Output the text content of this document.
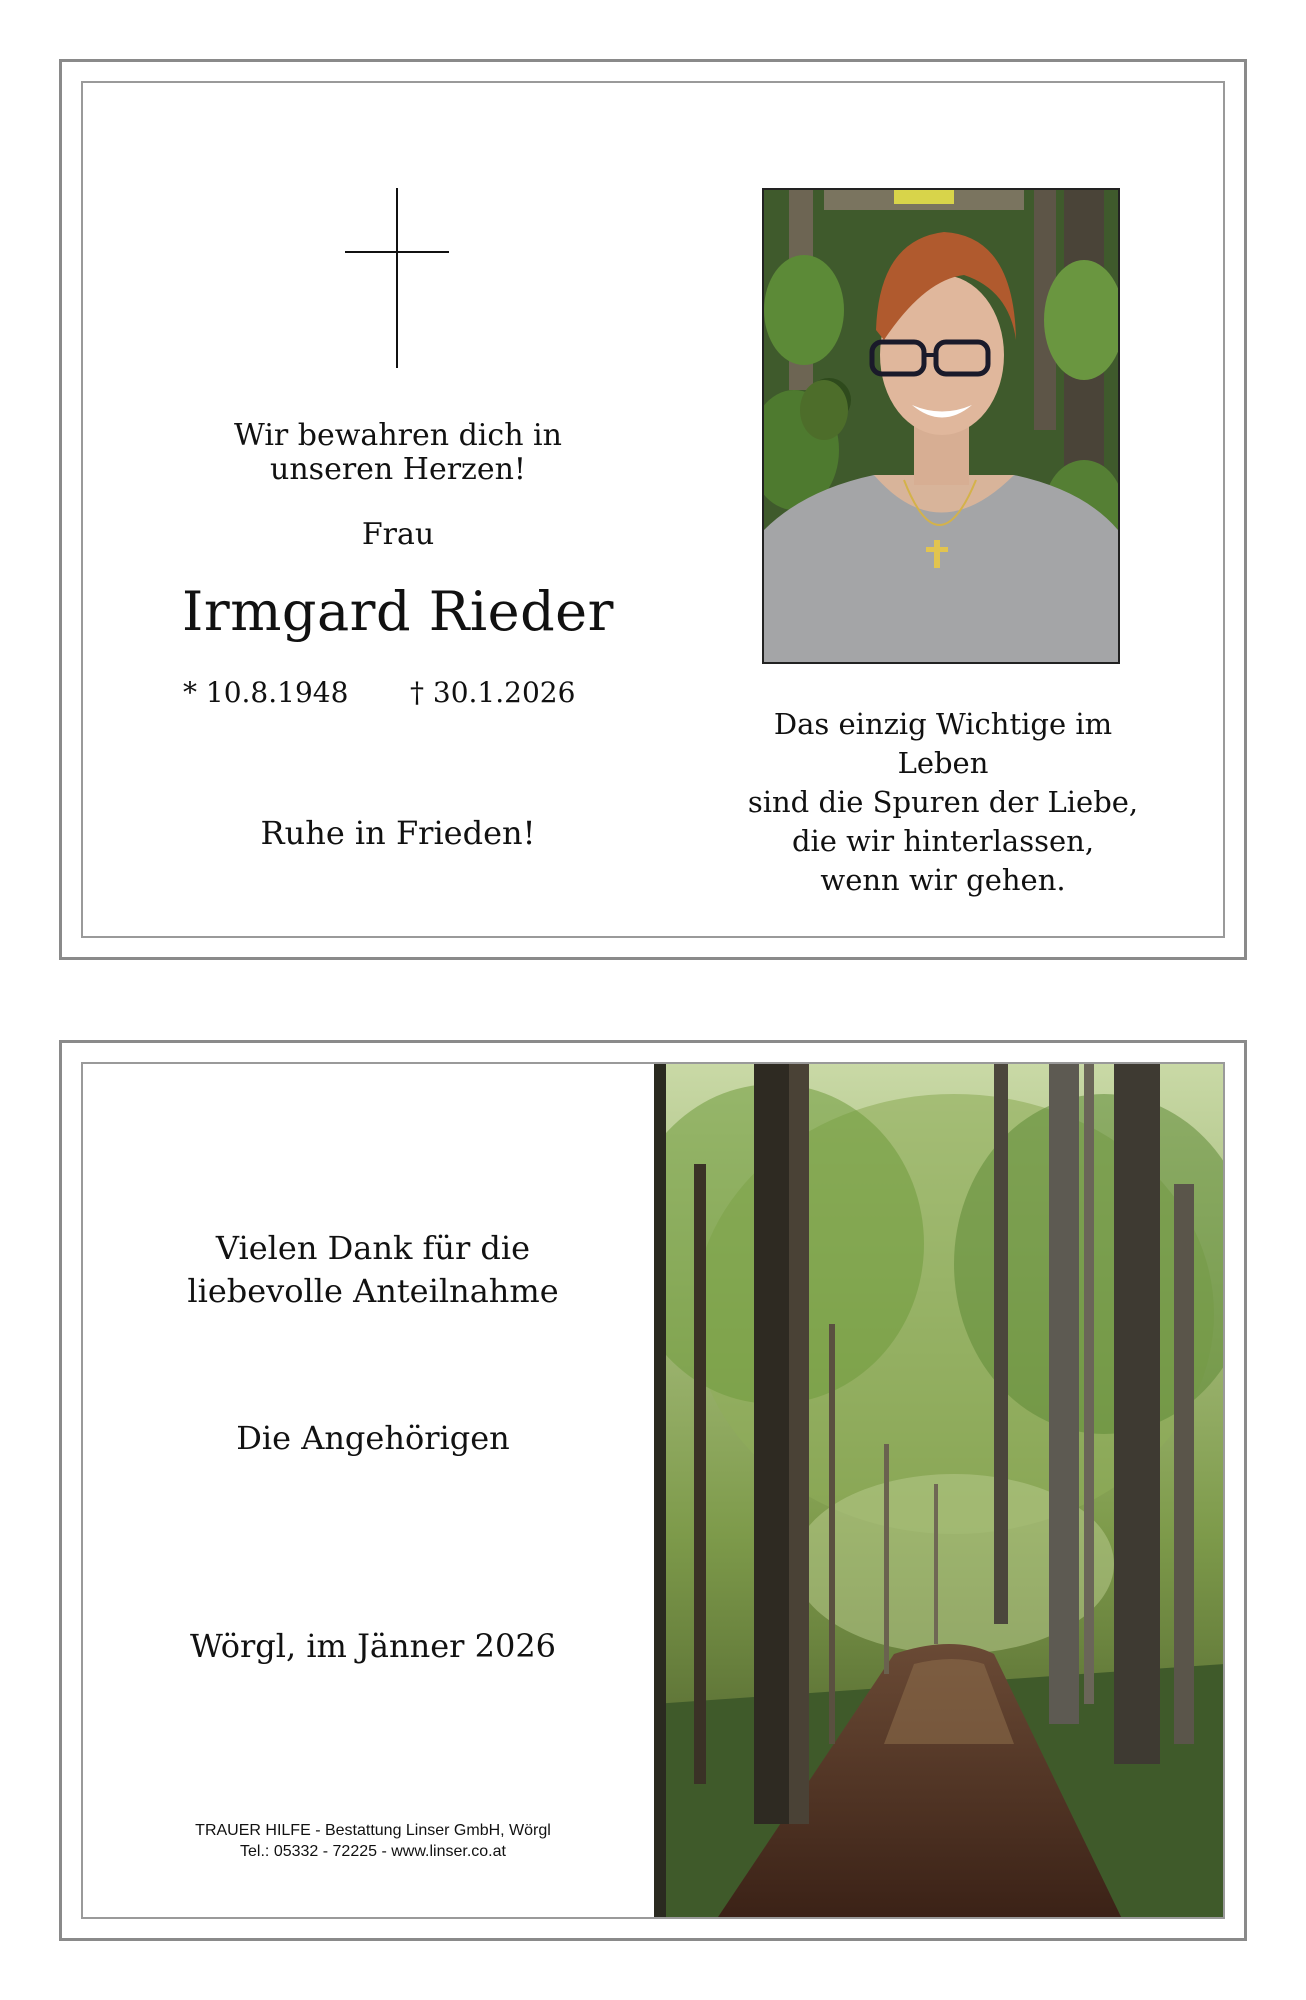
Wir bewahren dich in
unseren Herzen!
Frau
Irmgard Rieder
* 10.8.1948 † 30.1.2026
Ruhe in Frieden!
Das einzig Wichtige im Leben
sind die Spuren der Liebe,
die wir hinterlassen,
wenn wir gehen.
Vielen Dank für die
liebevolle Anteilnahme
Die Angehörigen
Wörgl, im Jänner 2026
TRAUER HILFE - Bestattung Linser GmbH, Wörgl
Tel.: 05332 - 72225 - www.linser.co.at
